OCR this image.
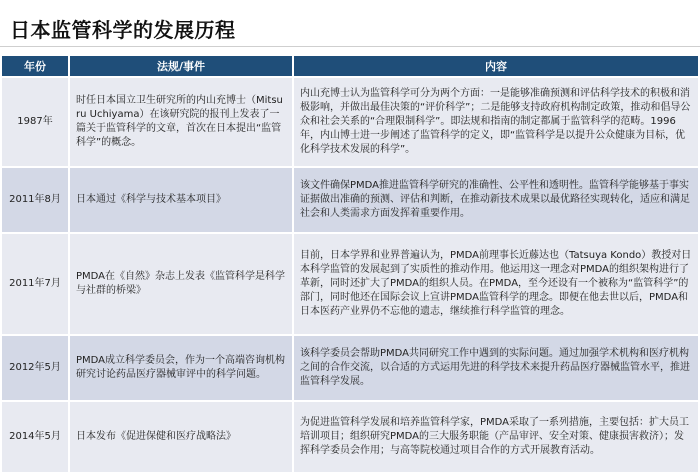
日本监管科学的发展历程
年份	法规/事件	内容
1987年	时任日本国立卫生研究所的内山充博士（Mitsuru Uchiyama）在该研究院的报刊上发表了一篇关于监管科学的文章，首次在日本提出“监管科学”的概念。	内山充博士认为监管科学可分为两个方面：一是能够准确预测和评估科学技术的积极和消极影响，并做出最佳决策的“评价科学”；二是能够支持政府机构制定政策，推动和倡导公众和社会关系的“合理限制科学”。即法规和指南的制定都属于监管科学的范畴。1996年，内山博士进一步阐述了监管科学的定义，即“监管科学是以提升公众健康为目标，优化科学技术发展的科学”。
2011年8月	日本通过《科学与技术基本项目》	该文件确保PMDA推进监管科学研究的准确性、公平性和透明性。监管科学能够基于事实证据做出准确的预测、评估和判断，在推动新技术成果以最优路径实现转化，适应和满足社会和人类需求方面发挥着重要作用。
2011年7月	PMDA在《自然》杂志上发表《监管科学是科学与社群的桥梁》	目前，日本学界和业界普遍认为，PMDA前理事长近藤达也（Tatsuya Kondo）教授对日本科学监管的发展起到了实质性的推动作用。他运用这一理念对PMDA的组织架构进行了革新，同时还扩大了PMDA的组织人员。在PMDA，至今还设有一个被称为“监管科学”的部门，同时他还在国际会议上宣讲PMDA监管科学的理念。即便在他去世以后，PMDA和日本医药产业界仍不忘他的遗志，继续推行科学监管的理念。
2012年5月	PMDA成立科学委员会，作为一个高端咨询机构研究讨论药品医疗器械审评中的科学问题。	该科学委员会帮助PMDA共同研究工作中遇到的实际问题。通过加强学术机构和医疗机构之间的合作交流，以合适的方式运用先进的科学技术来提升药品医疗器械监管水平，推进监管科学发展。
2014年5月	日本发布《促进保健和医疗战略法》	为促进监管科学发展和培养监管科学家，PMDA采取了一系列措施，主要包括：扩大员工培训项目；组织研究PMDA的三大服务职能（产品审评、安全对策、健康损害救济）；发挥科学委员会作用；与高等院校通过项目合作的方式开展教育活动。
